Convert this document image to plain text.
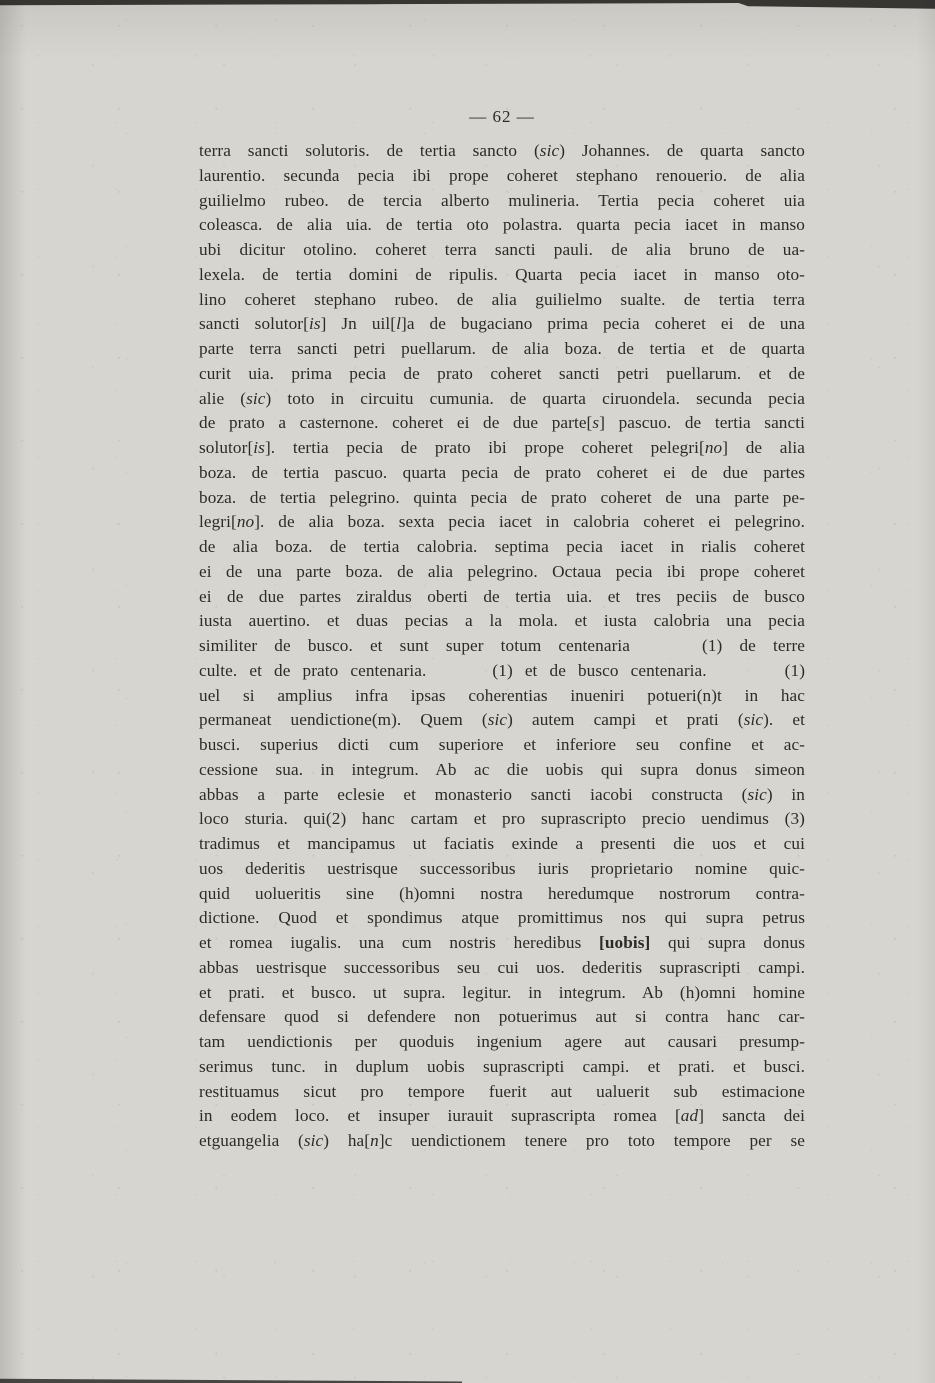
— 62 —
terra sancti solutoris. de tertia sancto (sic) Johannes. de quarta sancto
laurentio. secunda pecia ibi prope coheret stephano renouerio. de alia
guilielmo rubeo. de tercia alberto mulineria. Tertia pecia coheret uia
coleasca. de alia uia. de tertia oto polastra. quarta pecia iacet in manso
ubi dicitur otolino. coheret terra sancti pauli. de alia bruno de ua-
lexela. de tertia domini de ripulis. Quarta pecia iacet in manso oto-
lino coheret stephano rubeo. de alia guilielmo sualte. de tertia terra
sancti solutor[is] Jn uil[l]a de bugaciano prima pecia coheret ei de una
parte terra sancti petri puellarum. de alia boza. de tertia et de quarta
curit uia. prima pecia de prato coheret sancti petri puellarum. et de
alie (sic) toto in circuitu cumunia. de quarta ciruondela. secunda pecia
de prato a casternone. coheret ei de due parte[s] pascuo. de tertia sancti
solutor[is]. tertia pecia de prato ibi prope coheret pelegri[no] de alia
boza. de tertia pascuo. quarta pecia de prato coheret ei de due partes
boza. de tertia pelegrino. quinta pecia de prato coheret de una parte pe-
legri[no]. de alia boza. sexta pecia iacet in calobria coheret ei pelegrino.
de alia boza. de tertia calobria. septima pecia iacet in rialis coheret
ei de una parte boza. de alia pelegrino. Octaua pecia ibi prope coheret
ei de due partes ziraldus oberti de tertia uia. et tres peciis de busco
iusta auertino. et duas pecias a la mola. et iusta calobria una pecia
similiter de busco. et sunt super totum centenaria	(1) de terre
culte. et de prato centenaria.	(1) et de busco centenaria.	(1)
uel si amplius infra ipsas coherentias inueniri potueri(n)t in hac
permaneat uendictione(m). Quem (sic) autem campi et prati (sic). et
busci. superius dicti cum superiore et inferiore seu confine et ac-
cessione sua. in integrum. Ab ac die uobis qui supra donus simeon
abbas a parte eclesie et monasterio sancti iacobi constructa (sic) in
loco sturia. qui(2) hanc cartam et pro suprascripto precio uendimus (3)
tradimus et mancipamus ut faciatis exinde a presenti die uos et cui
uos dederitis uestrisque successoribus iuris proprietario nomine quic-
quid uolueritis sine (h)omni nostra heredumque nostrorum contra-
dictione. Quod et spondimus atque promittimus nos qui supra petrus
et romea iugalis. una cum nostris heredibus [uobis] qui supra donus
abbas uestrisque successoribus seu cui uos. dederitis suprascripti campi.
et prati. et busco. ut supra. legitur. in integrum. Ab (h)omni homine
defensare quod si defendere non potuerimus aut si contra hanc car-
tam uendictionis per quoduis ingenium agere aut causari presump-
serimus tunc. in duplum uobis suprascripti campi. et prati. et busci.
restituamus sicut pro tempore fuerit aut ualuerit sub estimacione
in eodem loco. et insuper iurauit suprascripta romea [ad] sancta dei
etguangelia (sic) ha[n]c uendictionem tenere pro toto tempore per se
